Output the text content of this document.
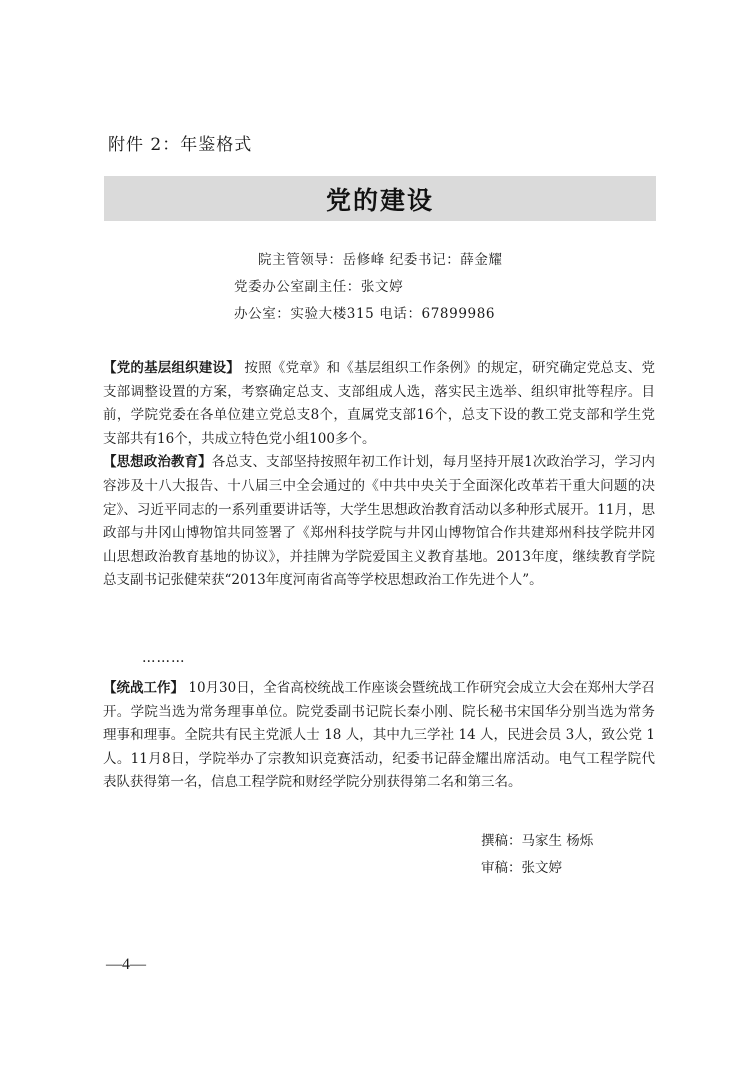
附件 2：年鉴格式
党的建设
院主管领导：岳修峰 纪委书记：薛金耀
党委办公室副主任：张文婷
办公室：实验大楼315 电话：67899986

【党的基层组织建设】 按照《党章》和《基层组织工作条例》的规定，研究确定党总支、党支部调整设置的方案，考察确定总支、支部组成人选，落实民主选举、组织审批等程序。目前，学院党委在各单位建立党总支8个，直属党支部16个，总支下设的教工党支部和学生党支部共有16个，共成立特色党小组100多个。

【思想政治教育】各总支、支部坚持按照年初工作计划，每月坚持开展1次政治学习，学习内容涉及十八大报告、十八届三中全会通过的《中共中央关于全面深化改革若干重大问题的决定》、习近平同志的一系列重要讲话等，大学生思想政治教育活动以多种形式展开。11月，思政部与井冈山博物馆共同签署了《郑州科技学院与井冈山博物馆合作共建郑州科技学院井冈山思想政治教育基地的协议》，并挂牌为学院爱国主义教育基地。2013年度，继续教育学院总支副书记张健荣获“2013年度河南省高等学校思想政治工作先进个人”。

………

【统战工作】 10月30日，全省高校统战工作座谈会暨统战工作研究会成立大会在郑州大学召开。学院当选为常务理事单位。院党委副书记院长秦小刚、院长秘书宋国华分别当选为常务理事和理事。全院共有民主党派人士 18 人，其中九三学社 14 人，民进会员 3人，致公党 1人。11月8日，学院举办了宗教知识竞赛活动，纪委书记薛金耀出席活动。电气工程学院代表队获得第一名，信息工程学院和财经学院分别获得第二名和第三名。

撰稿：马家生 杨烁
审稿：张文婷
—4—
